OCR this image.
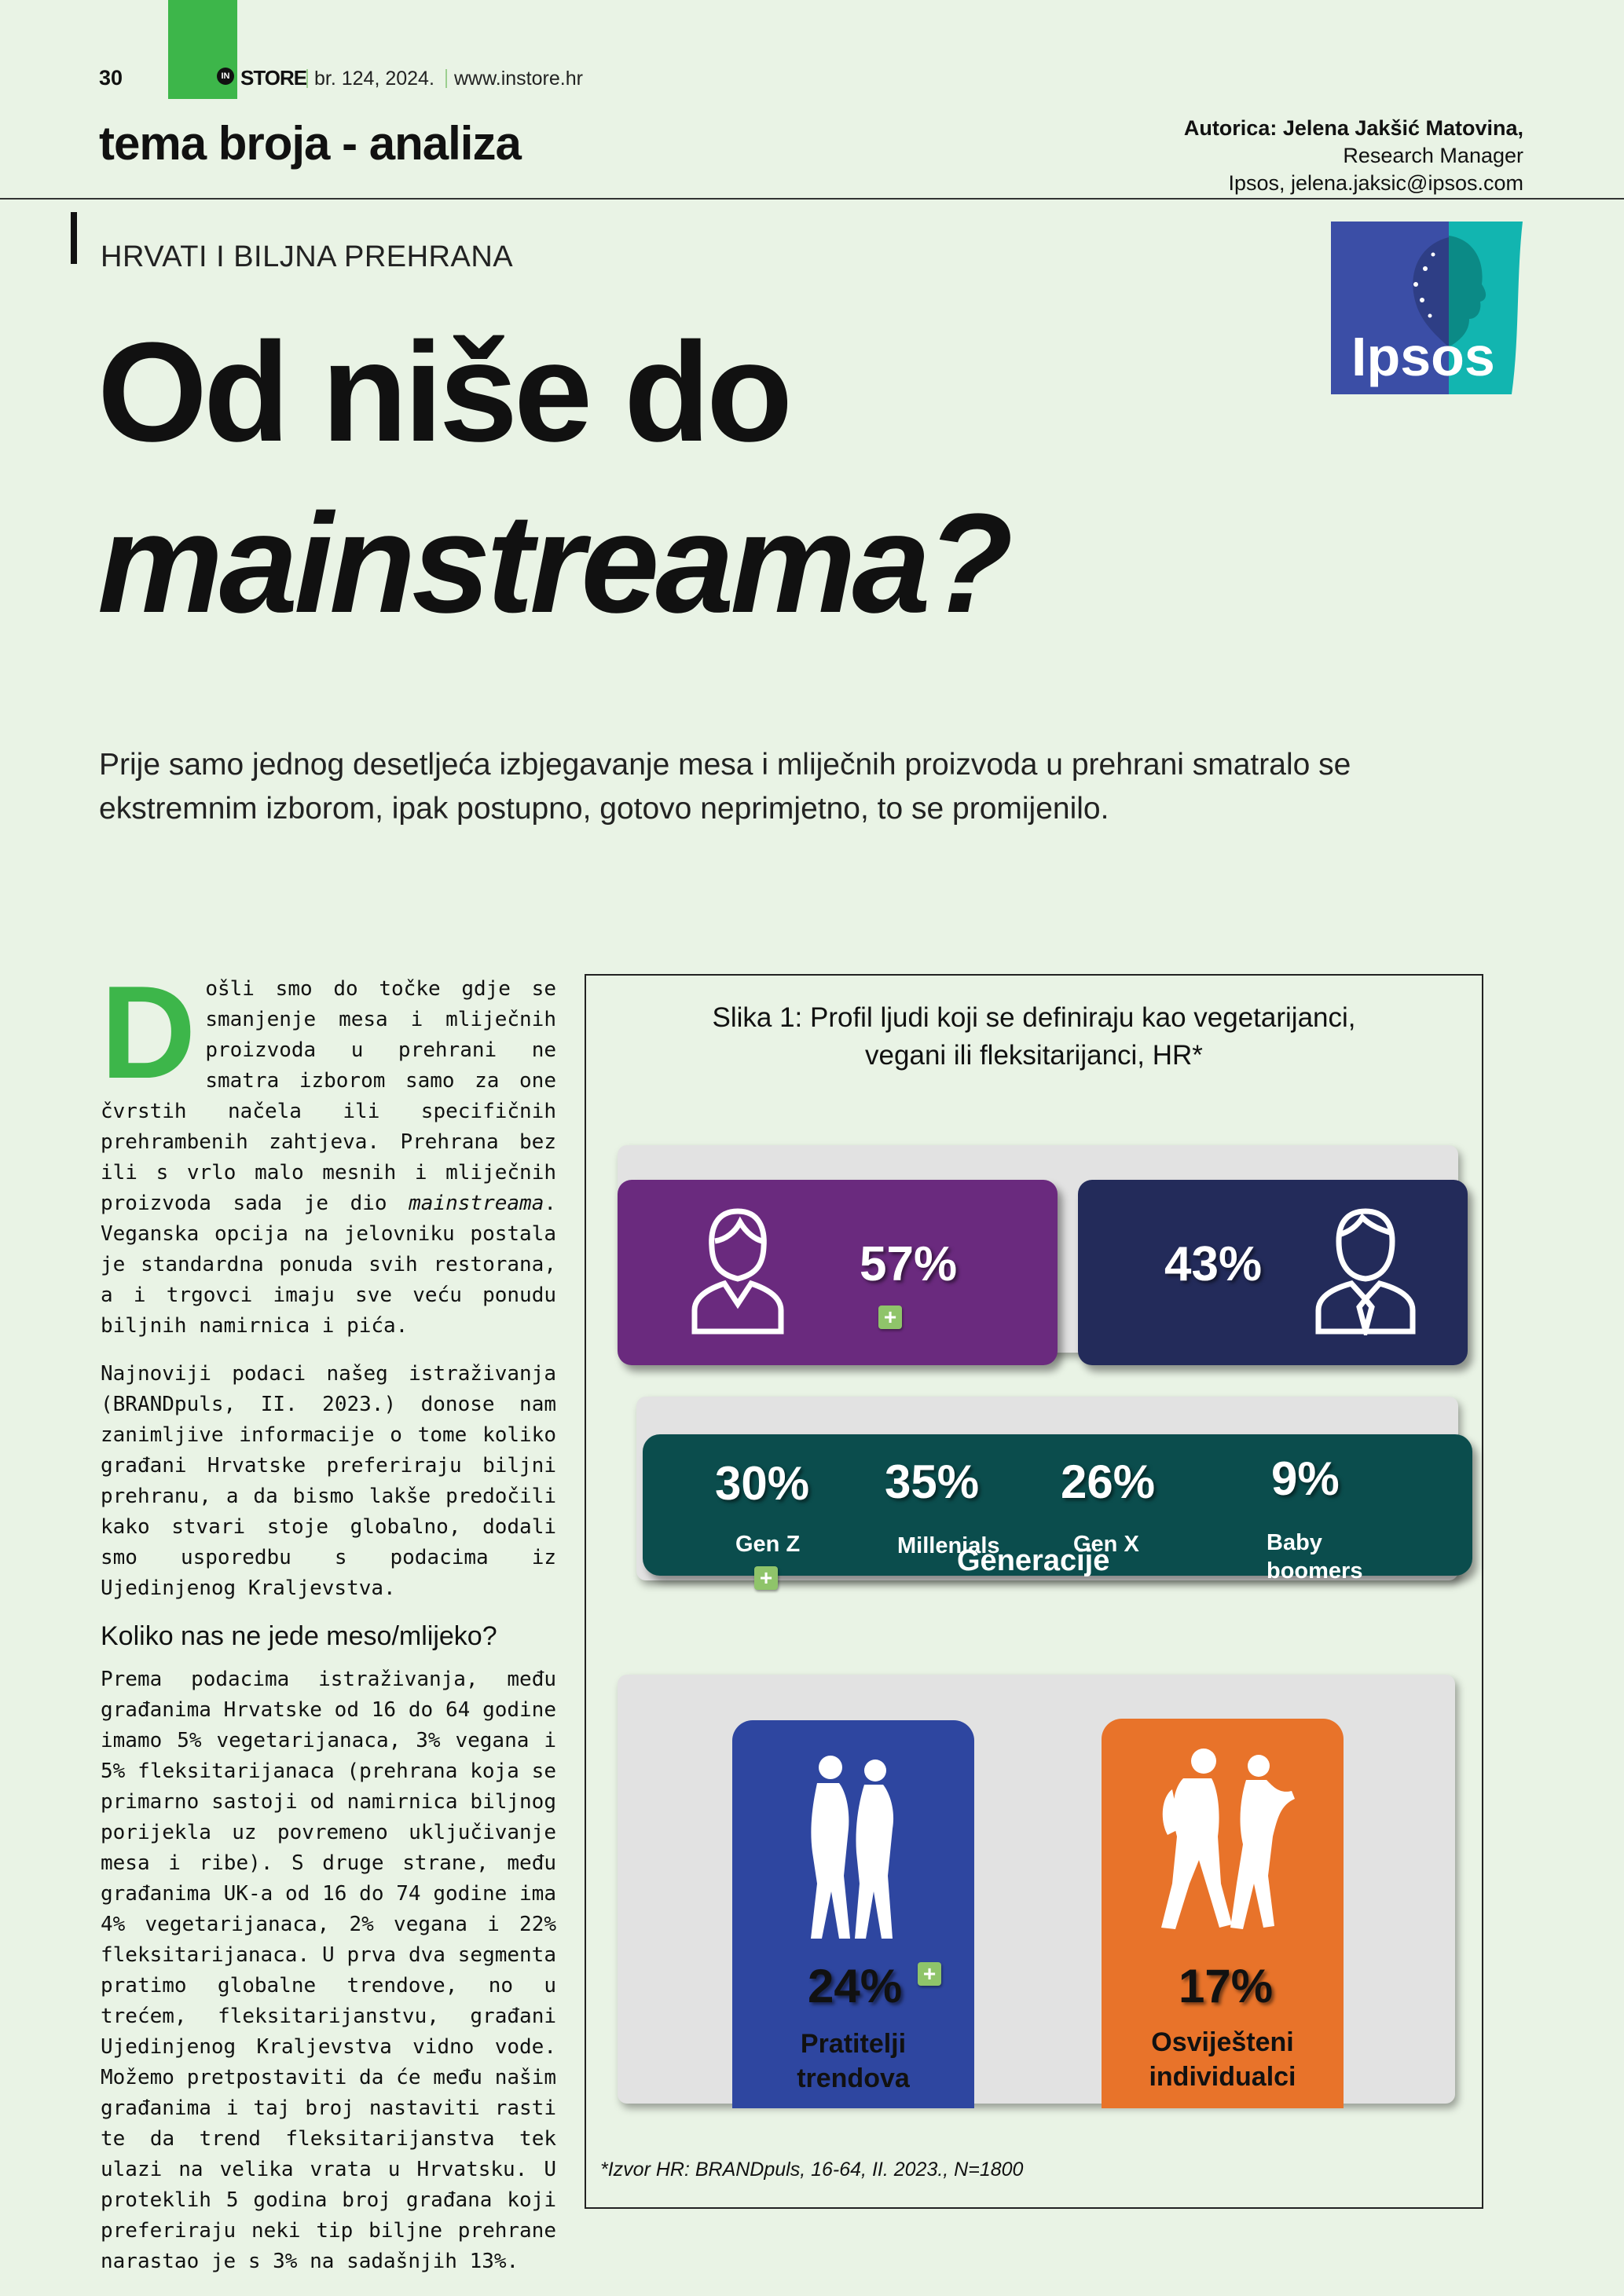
30	IN STORE br. 124, 2024. www.instore.hr
tema broja - analiza	Autorica: Jelena Jakšić Matovina,
Research Manager
Ipsos, jelena.jaksic@ipsos.com
Ipsos
HRVATI I BILJNA PREHRANA
Od niše do
mainstreama?
Prije samo jednog desetljeća izbjegavanje mesa i mliječnih proizvoda u prehrani smatralo se ekstremnim izborom, ipak postupno, gotovo neprimjetno, to se promijenilo.

Došli smo do točke gdje se smanjenje mesa i mliječnih proizvoda u prehrani ne smatra izborom samo za one čvrstih načela ili specifičnih prehrambenih zahtjeva. Prehrana bez ili s vrlo malo mesnih i mliječnih proizvoda sada je dio mainstreama. Veganska opcija na jelovniku postala je standardna ponuda svih restorana, a i trgovci imaju sve veću ponudu biljnih namirnica i pića.

Najnoviji podaci našeg istraživanja (BRANDpuls, II. 2023.) donose nam zanimljive informacije o tome koliko građani Hrvatske preferiraju biljni prehranu, a da bismo lakše predočili kako stvari stoje globalno, dodali smo usporedbu s podacima iz Ujedinjenog Kraljevstva.

Koliko nas ne jede meso/mlijeko?

Prema podacima istraživanja, među građanima Hrvatske od 16 do 64 godine imamo 5% vegetarijanaca, 3% vegana i 5% fleksitarijanaca (prehrana koja se primarno sastoji od namirnica biljnog porijekla uz povremeno uključivanje mesa i ribe). S druge strane, među građanima UK-a od 16 do 74 godine ima 4% vegetarijanaca, 2% vegana i 22% fleksitarijanaca. U prva dva segmenta pratimo globalne trendove, no u trećem, fleksitarijanstvu, građani Ujedinjenog Kraljevstva vidno vode. Možemo pretpostaviti da će među našim građanima i taj broj nastaviti rasti te da trend fleksitarijanstva tek ulazi na velika vrata u Hrvatsku. U proteklih 5 godina broj građana koji preferiraju neki tip biljne prehrane narastao je s 3% na sadašnjih 13%.

Slika 1: Profil ljudi koji se definiraju kao vegetarijanci,
vegani ili fleksitarijanci, HR*
57%
+
43%
30% 35% 26% 9%
Gen Z
+
Millenials	Gen X	Baby
boomers
Generacije
24% +
Pratitelji
trendova
17%
Osviješteni
individualci
*Izvor HR: BRANDpuls, 16-64, II. 2023., N=1800
